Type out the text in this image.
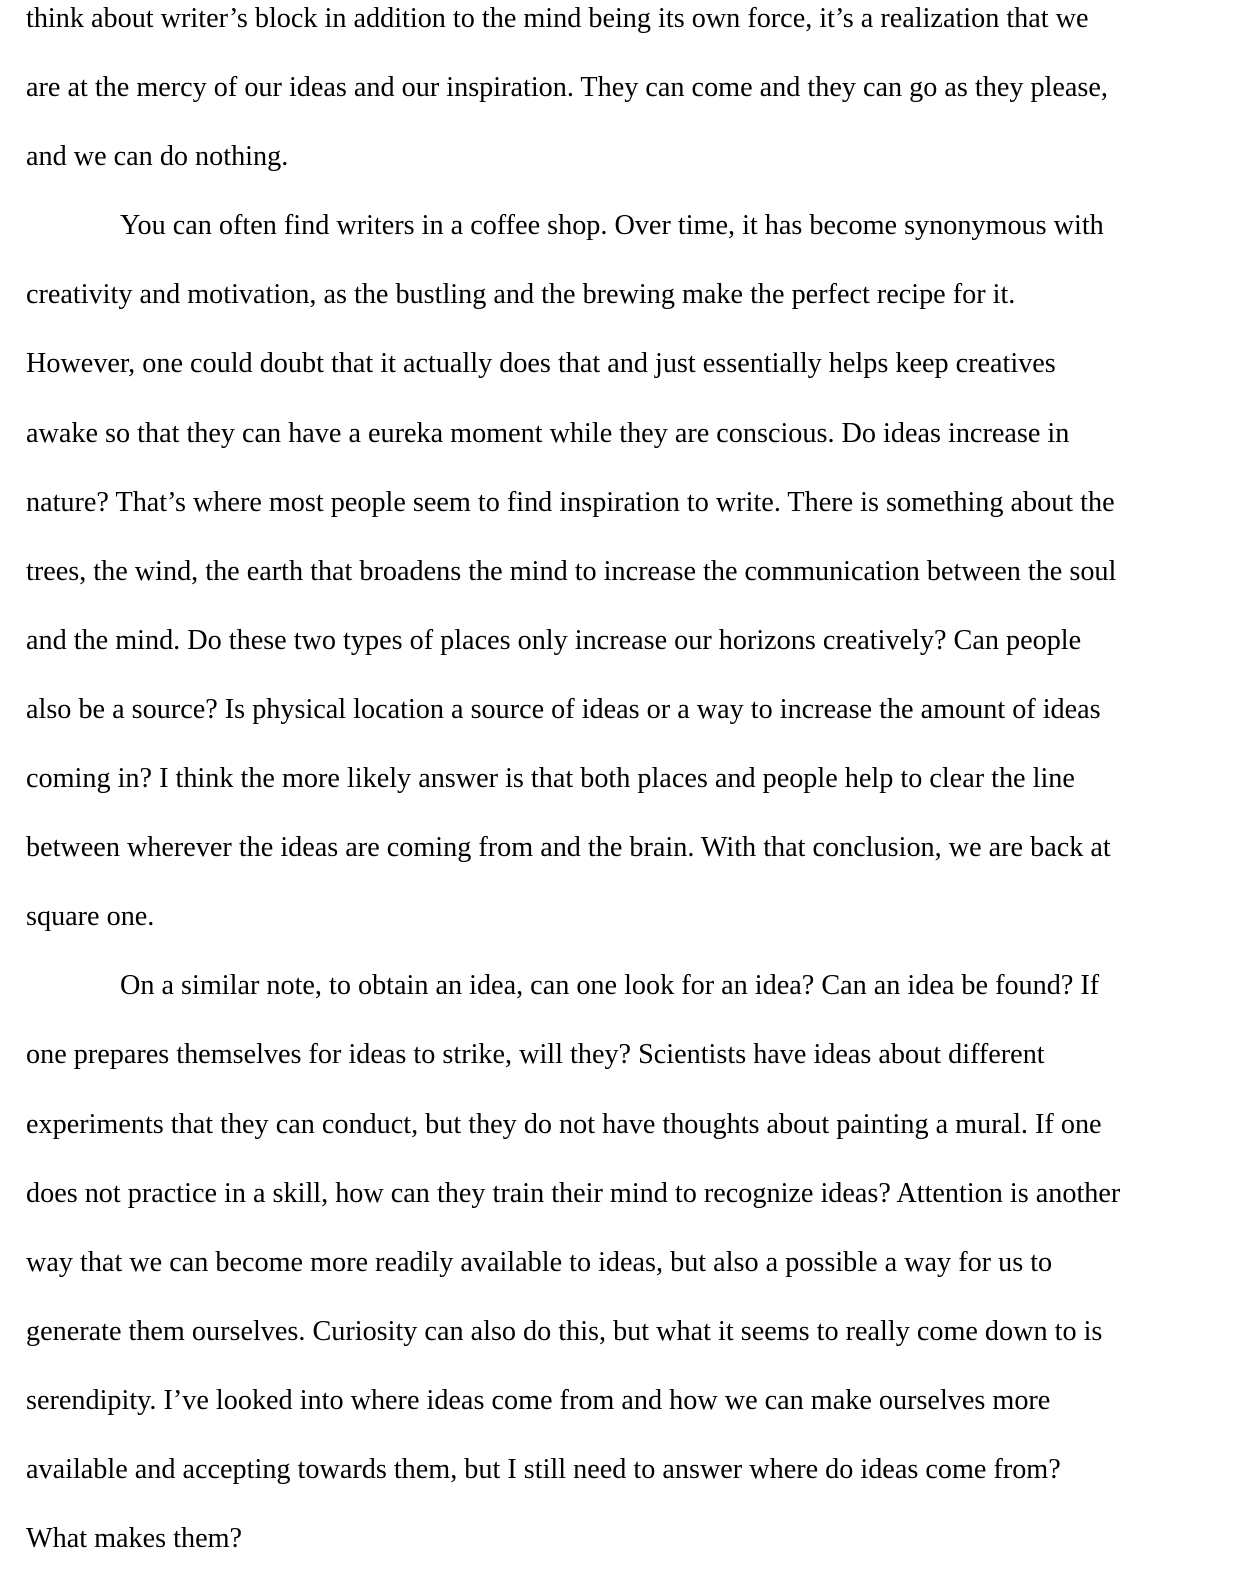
think about writer’s block in addition to the mind being its own force, it’s a realization that we
are at the mercy of our ideas and our inspiration. They can come and they can go as they please,
and we can do nothing.
You can often find writers in a coffee shop. Over time, it has become synonymous with
creativity and motivation, as the bustling and the brewing make the perfect recipe for it.
However, one could doubt that it actually does that and just essentially helps keep creatives
awake so that they can have a eureka moment while they are conscious. Do ideas increase in
nature? That’s where most people seem to find inspiration to write. There is something about the
trees, the wind, the earth that broadens the mind to increase the communication between the soul
and the mind. Do these two types of places only increase our horizons creatively? Can people
also be a source? Is physical location a source of ideas or a way to increase the amount of ideas
coming in? I think the more likely answer is that both places and people help to clear the line
between wherever the ideas are coming from and the brain. With that conclusion, we are back at
square one.
On a similar note, to obtain an idea, can one look for an idea? Can an idea be found? If
one prepares themselves for ideas to strike, will they? Scientists have ideas about different
experiments that they can conduct, but they do not have thoughts about painting a mural. If one
does not practice in a skill, how can they train their mind to recognize ideas? Attention is another
way that we can become more readily available to ideas, but also a possible a way for us to
generate them ourselves. Curiosity can also do this, but what it seems to really come down to is
serendipity. I’ve looked into where ideas come from and how we can make ourselves more
available and accepting towards them, but I still need to answer where do ideas come from?
What makes them?
